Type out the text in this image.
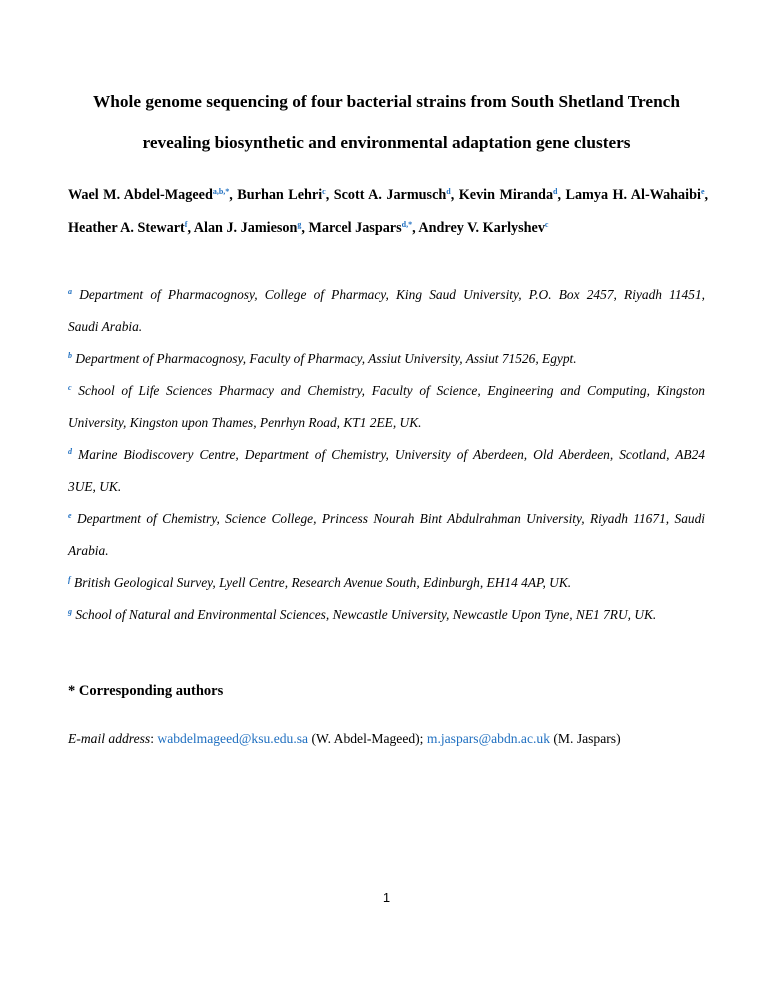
Whole genome sequencing of four bacterial strains from South Shetland Trench
revealing biosynthetic and environmental adaptation gene clusters
Wael M. Abdel-Mageed$^{a,b,*}$, Burhan Lehri$^c$, Scott A. Jarmusch$^d$, Kevin Miranda$^d$, Lamya H. Al-Wahaibi$^e$,
Heather A. Stewart$^f$, Alan J. Jamieson$^g$, Marcel Jaspars$^{d,*}$, Andrey V. Karlyshev$^c$
$^a$ Department of Pharmacognosy, College of Pharmacy, King Saud University, P.O. Box 2457, Riyadh 11451,
Saudi Arabia.
$^b$ Department of Pharmacognosy, Faculty of Pharmacy, Assiut University, Assiut 71526, Egypt.
$^c$ School of Life Sciences Pharmacy and Chemistry, Faculty of Science, Engineering and Computing, Kingston
University, Kingston upon Thames, Penrhyn Road, KT1 2EE, UK.
$^d$ Marine Biodiscovery Centre, Department of Chemistry, University of Aberdeen, Old Aberdeen, Scotland, AB24
3UE, UK.
$^e$ Department of Chemistry, Science College, Princess Nourah Bint Abdulrahman University, Riyadh 11671, Saudi
Arabia.
$^f$ British Geological Survey, Lyell Centre, Research Avenue South, Edinburgh, EH14 4AP, UK.
$^g$ School of Natural and Environmental Sciences, Newcastle University, Newcastle Upon Tyne, NE1 7RU, UK.
* Corresponding authors
E-mail address: wabdelmageed@ksu.edu.sa (W. Abdel-Mageed); m.jaspars@abdn.ac.uk (M. Jaspars)
1
